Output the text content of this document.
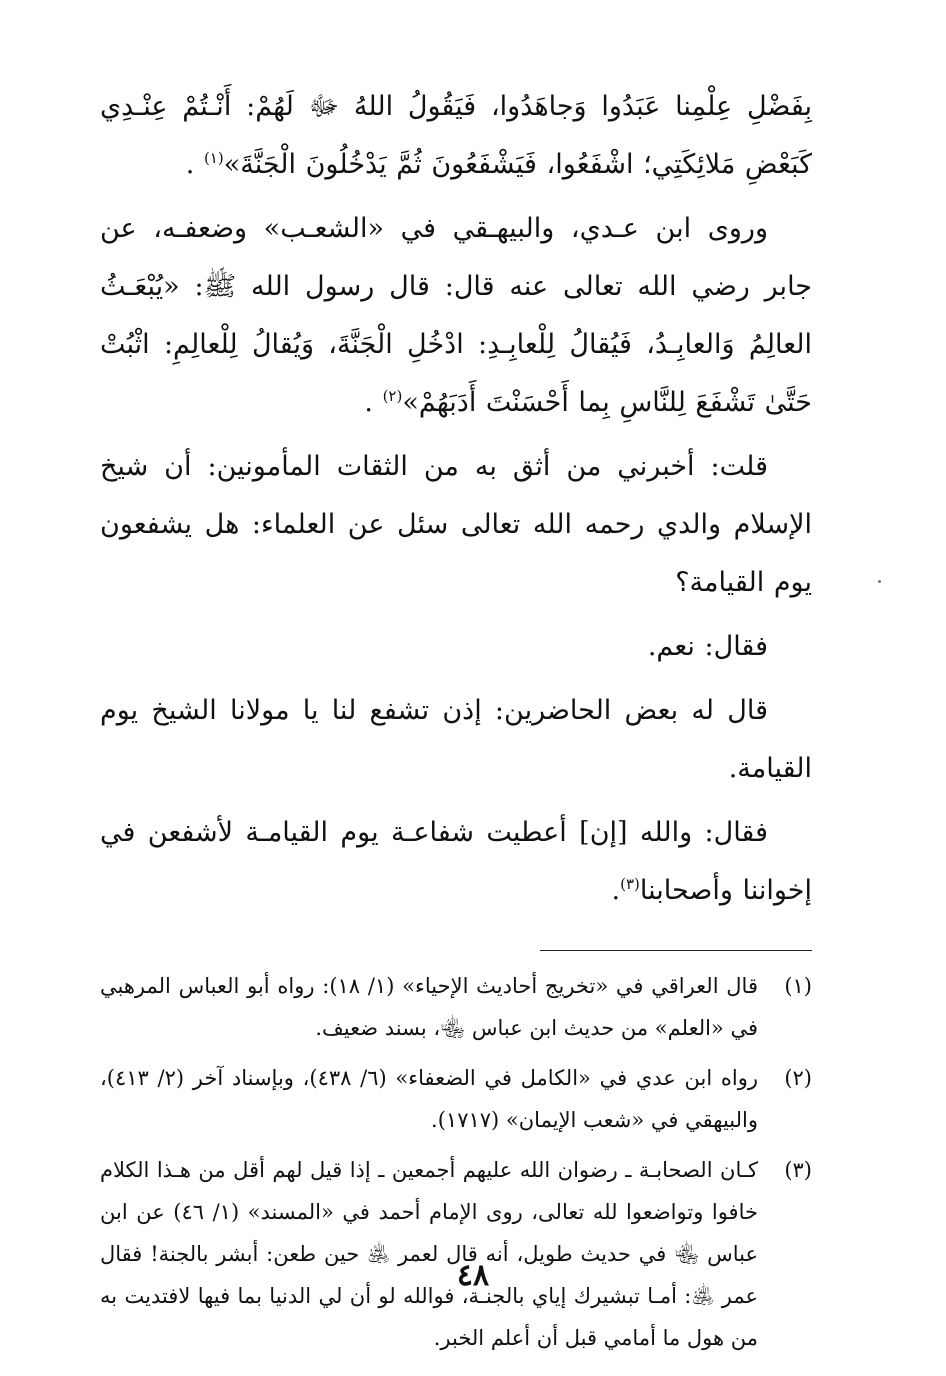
بِفَضْلِ عِلْمِنا عَبَدُوا وَجاهَدُوا، فَيَقُولُ اللهُ ﷻ لَهُمْ: أَنْـتُمْ عِنْـدِي كَبَعْضِ مَلائِكَتِي؛ اشْفَعُوا، فَيَشْفَعُونَ ثُمَّ يَدْخُلُونَ الْجَنَّةَ»$^{(١)}$ .

وروى ابن عـدي، والبيهـقي في «الشعـب» وضعفـه، عن جابر رضي الله تعالى عنه قال: قال رسول الله ﷺ: «يُبْعَـثُ العالِمُ وَالعابِـدُ، فَيُقالُ لِلْعابِـدِ: ادْخُلِ الْجَنَّةَ، وَيُقالُ لِلْعالِمِ: اثْبُتْ حَتَّىٰ تَشْفَعَ لِلنَّاسِ بِما أَحْسَنْتَ أَدَبَهُمْ»$^{(٢)}$ .

قلت: أخبرني من أثق به من الثقات المأمونين: أن شيخ الإسلام والدي رحمه الله تعالى سئل عن العلماء: هل يشفعون يوم القيامة؟

فقال: نعم.

قال له بعض الحاضرين: إذن تشفع لنا يا مولانا الشيخ يوم القيامة.

فقال: والله [إن] أعطيت شفاعـة يوم القيامـة لأشفعن في إخواننا وأصحابنا$^{(٣)}$.

(١)
قال العراقي في «تخريج أحاديث الإحياء» (١/ ١٨): رواه أبو العباس المرهبي في «العلم» من حديث ابن عباس ﵄، بسند ضعيف.
(٢)
رواه ابن عدي في «الكامل في الضعفاء» (٦/ ٤٣٨)، وبإسناد آخر (٢/ ٤١٣)، والبيهقي في «شعب الإيمان» (١٧١٧).
(٣)
كـان الصحابـة ـ رضوان الله عليهم أجمعين ـ إذا قيل لهم أقل من هـذا الكلام خافوا وتواضعوا لله تعالى، روى الإمام أحمد في «المسند» (١/ ٤٦) عن ابن عباس ﵄ في حديث طويل، أنه قال لعمر ﵁ حين طعن: أبشر بالجنة! فقال عمر ﵁: أمـا تبشيرك إياي بالجنـة، فوالله لو أن لي الدنيا بما فيها لافتديت به من هول ما أمامي قبل أن أعلم الخبر.
٤٨
